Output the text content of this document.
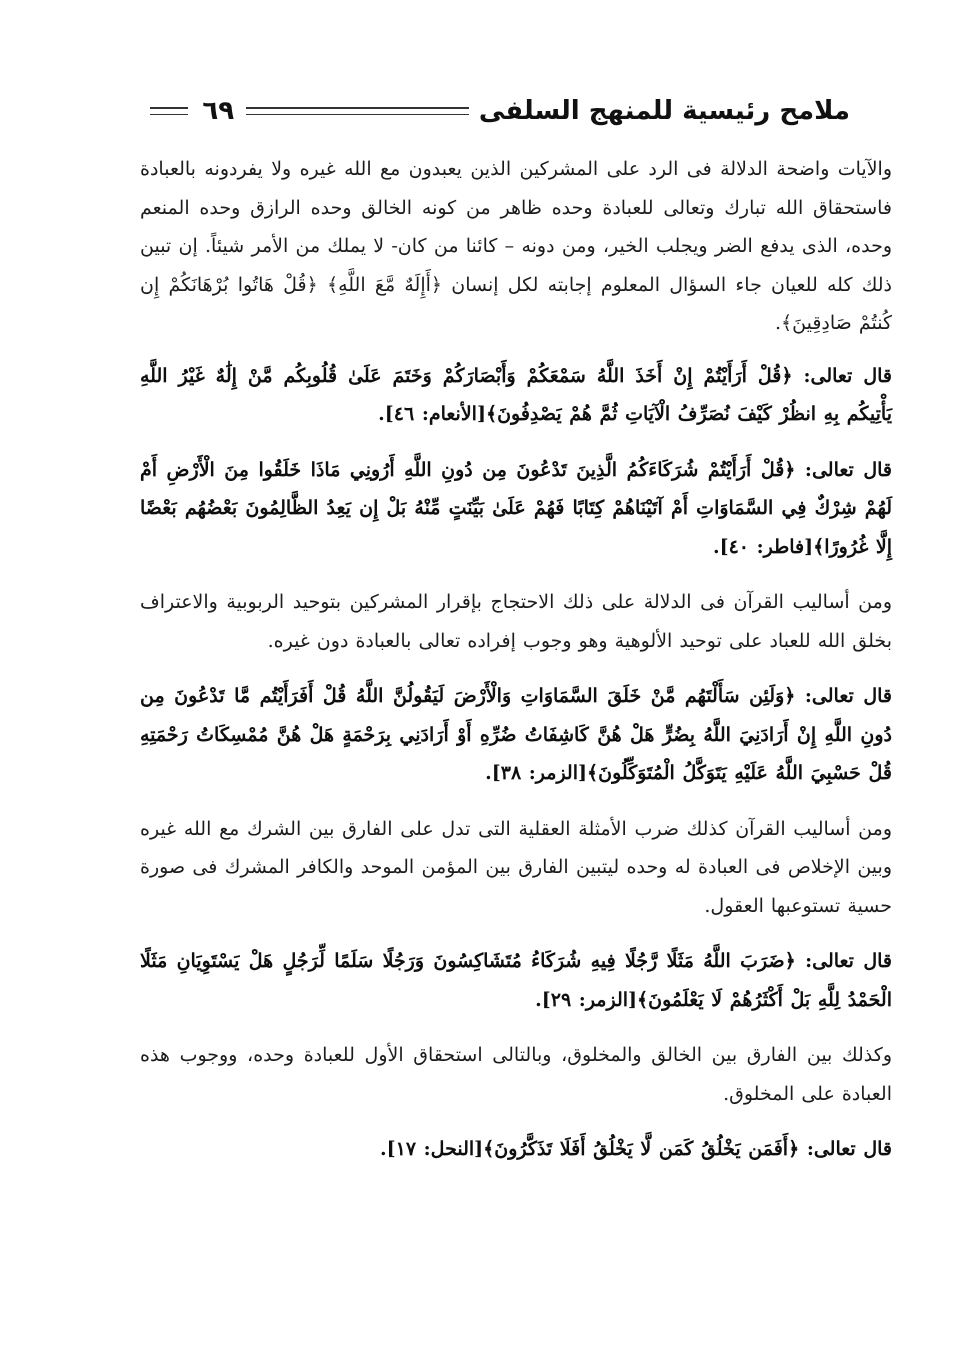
ملامح رئيسية للمنهج السلفى
٦٩

والآيات واضحة الدلالة فى الرد على المشركين الذين يعبدون مع الله غيره ولا يفردونه بالعبادة فاستحقاق الله تبارك وتعالى للعبادة وحده ظاهر من كونه الخالق وحده الرازق وحده المنعم وحده، الذى يدفع الضر ويجلب الخير، ومن دونه – كائنا من كان- لا يملك من الأمر شيئاً. إن تبين ذلك كله للعيان جاء السؤال المعلوم إجابته لكل إنسان ﴿أَإِلَهٌ مَّعَ اللَّهِ﴾ ﴿قُلْ هَاتُوا بُرْهَانَكُمْ إِن كُنتُمْ صَادِقِينَ﴾.

قال تعالى: ﴿قُلْ أَرَأَيْتُمْ إِنْ أَخَذَ اللَّهُ سَمْعَكُمْ وَأَبْصَارَكُمْ وَخَتَمَ عَلَىٰ قُلُوبِكُم مَّنْ إِلَٰهٌ غَيْرُ اللَّهِ يَأْتِيكُم بِهِ انظُرْ كَيْفَ نُصَرِّفُ الْآيَاتِ ثُمَّ هُمْ يَصْدِفُونَ﴾[الأنعام: ٤٦].

قال تعالى: ﴿قُلْ أَرَأَيْتُمْ شُرَكَاءَكُمُ الَّذِينَ تَدْعُونَ مِن دُونِ اللَّهِ أَرُونِي مَاذَا خَلَقُوا مِنَ الْأَرْضِ أَمْ لَهُمْ شِرْكٌ فِي السَّمَاوَاتِ أَمْ آتَيْنَاهُمْ كِتَابًا فَهُمْ عَلَىٰ بَيِّنَتٍ مِّنْهُ بَلْ إِن يَعِدُ الظَّالِمُونَ بَعْضُهُم بَعْضًا إِلَّا غُرُورًا﴾[فاطر: ٤٠].

ومن أساليب القرآن فى الدلالة على ذلك الاحتجاج بإقرار المشركين بتوحيد الربوبية والاعتراف بخلق الله للعباد على توحيد الألوهية وهو وجوب إفراده تعالى بالعبادة دون غيره.

قال تعالى: ﴿وَلَئِن سَأَلْتَهُم مَّنْ خَلَقَ السَّمَاوَاتِ وَالْأَرْضَ لَيَقُولُنَّ اللَّهُ قُلْ أَفَرَأَيْتُم مَّا تَدْعُونَ مِن دُونِ اللَّهِ إِنْ أَرَادَنِيَ اللَّهُ بِضُرٍّ هَلْ هُنَّ كَاشِفَاتُ ضُرِّهِ أَوْ أَرَادَنِي بِرَحْمَةٍ هَلْ هُنَّ مُمْسِكَاتُ رَحْمَتِهِ قُلْ حَسْبِيَ اللَّهُ عَلَيْهِ يَتَوَكَّلُ الْمُتَوَكِّلُونَ﴾[الزمر: ٣٨].

ومن أساليب القرآن كذلك ضرب الأمثلة العقلية التى تدل على الفارق بين الشرك مع الله غيره وبين الإخلاص فى العبادة له وحده ليتبين الفارق بين المؤمن الموحد والكافر المشرك فى صورة حسية تستوعبها العقول.

قال تعالى: ﴿ضَرَبَ اللَّهُ مَثَلًا رَّجُلًا فِيهِ شُرَكَاءُ مُتَشَاكِسُونَ وَرَجُلًا سَلَمًا لِّرَجُلٍ هَلْ يَسْتَوِيَانِ مَثَلًا الْحَمْدُ لِلَّهِ بَلْ أَكْثَرُهُمْ لَا يَعْلَمُونَ﴾[الزمر: ٢٩].

وكذلك بين الفارق بين الخالق والمخلوق، وبالتالى استحقاق الأول للعبادة وحده، ووجوب هذه العبادة على المخلوق.

قال تعالى: ﴿أَفَمَن يَخْلُقُ كَمَن لَّا يَخْلُقُ أَفَلَا تَذَكَّرُونَ﴾[النحل: ١٧].
